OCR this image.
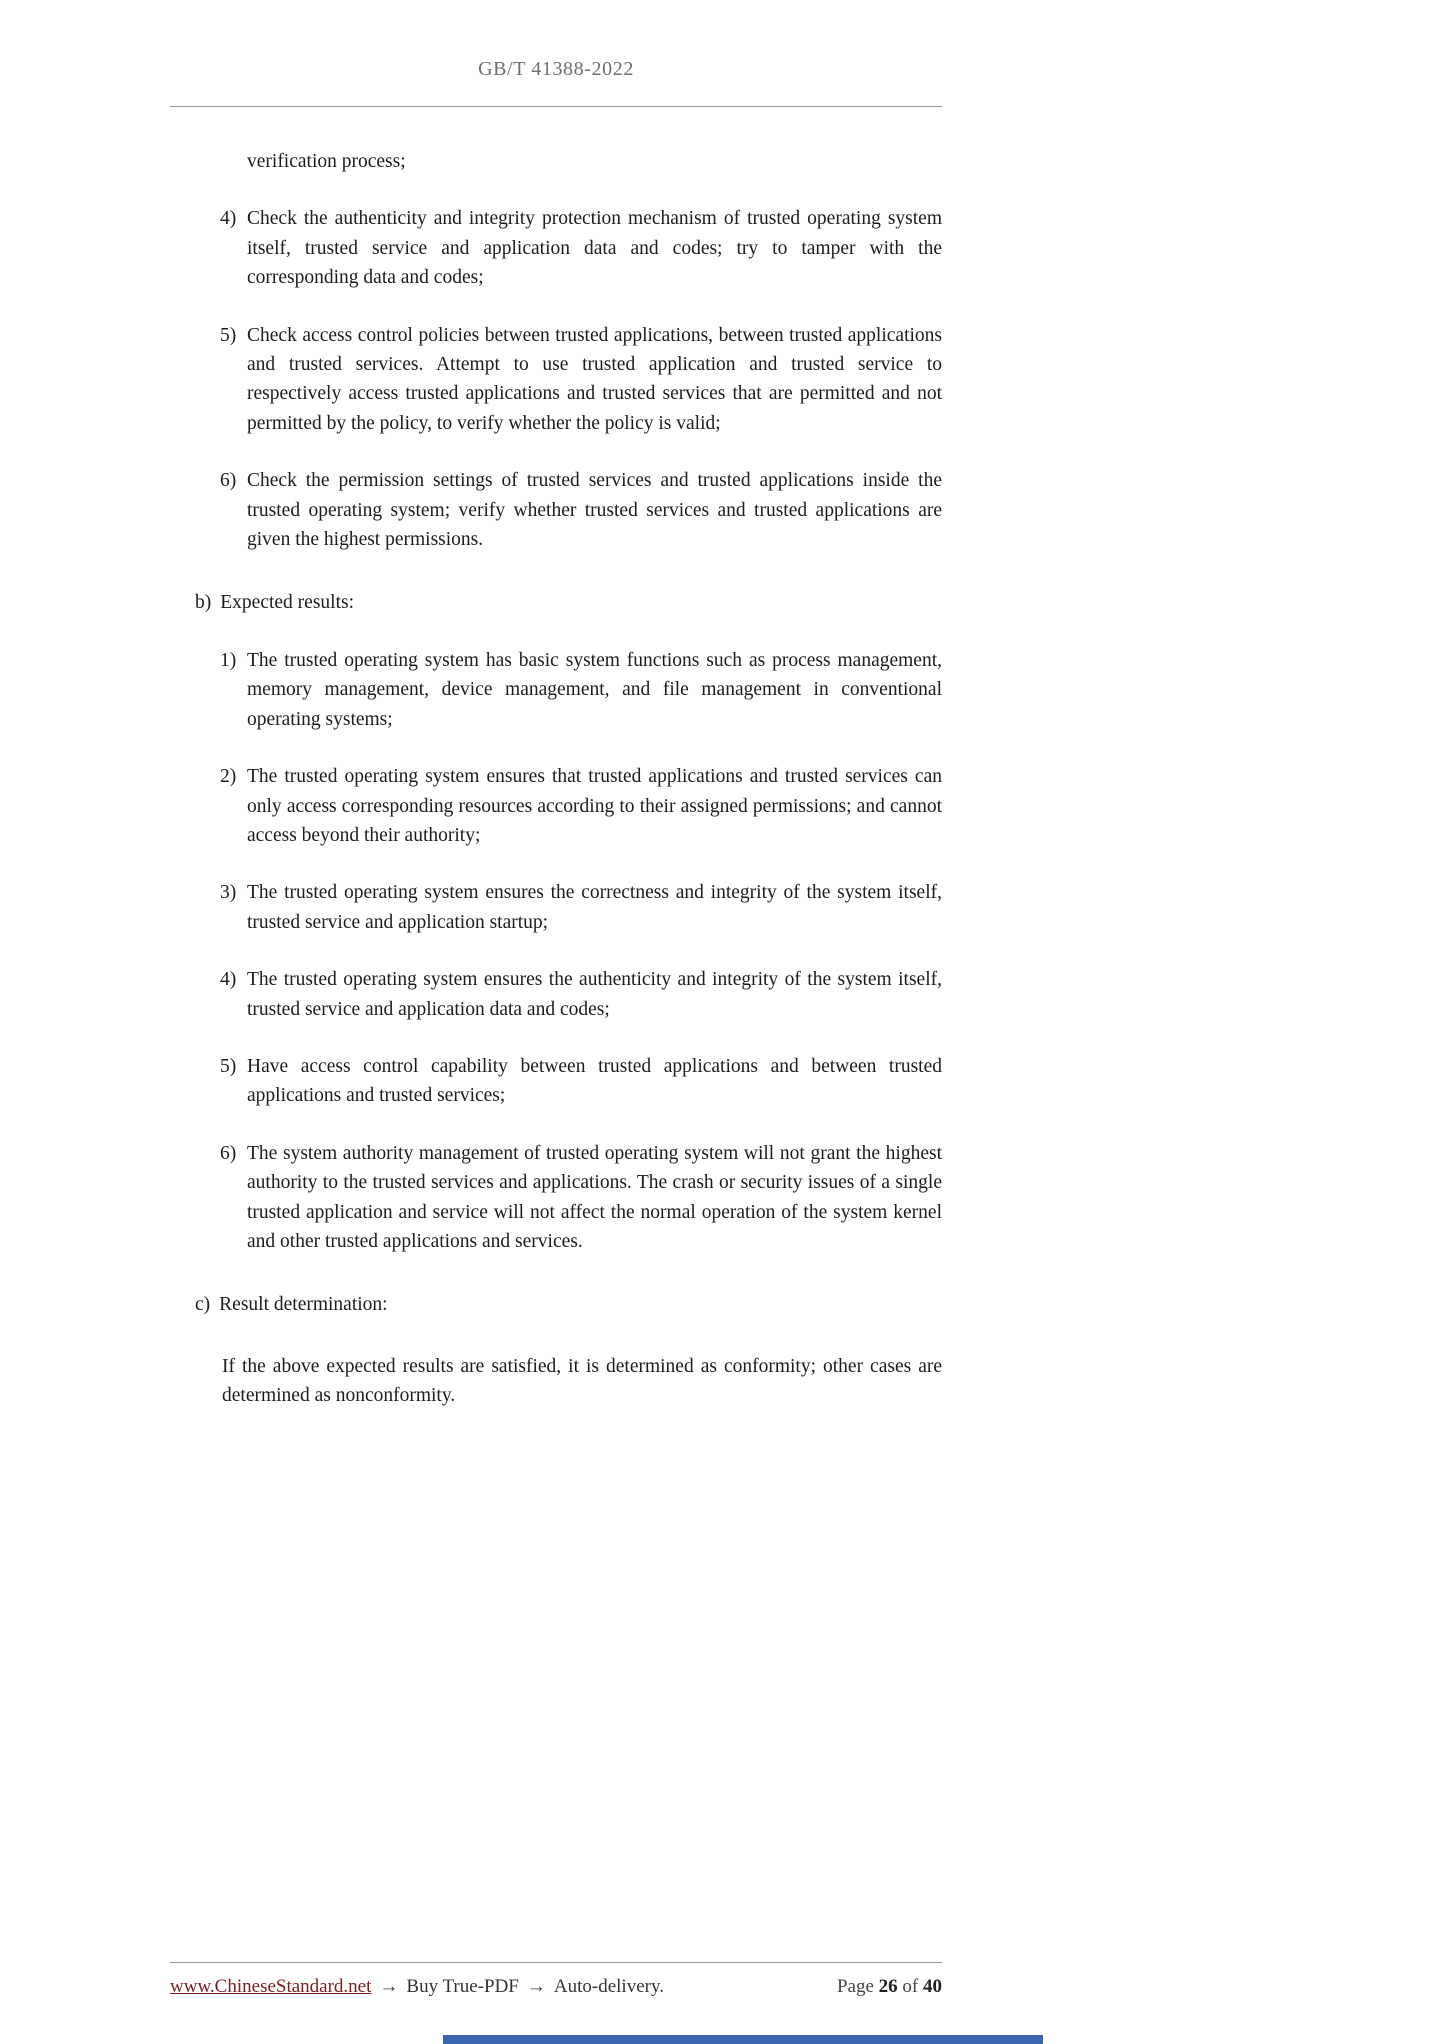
GB/T 41388-2022

verification process;

4) Check the authenticity and integrity protection mechanism of trusted operating system itself, trusted service and application data and codes; try to tamper with the corresponding data and codes;
5) Check access control policies between trusted applications, between trusted applications and trusted services. Attempt to use trusted application and trusted service to respectively access trusted applications and trusted services that are permitted and not permitted by the policy, to verify whether the policy is valid;
6) Check the permission settings of trusted services and trusted applications inside the trusted operating system; verify whether trusted services and trusted applications are given the highest permissions.
b) Expected results:
1) The trusted operating system has basic system functions such as process management, memory management, device management, and file management in conventional operating systems;
2) The trusted operating system ensures that trusted applications and trusted services can only access corresponding resources according to their assigned permissions; and cannot access beyond their authority;
3) The trusted operating system ensures the correctness and integrity of the system itself, trusted service and application startup;
4) The trusted operating system ensures the authenticity and integrity of the system itself, trusted service and application data and codes;
5) Have access control capability between trusted applications and between trusted applications and trusted services;
6) The system authority management of trusted operating system will not grant the highest authority to the trusted services and applications. The crash or security issues of a single trusted application and service will not affect the normal operation of the system kernel and other trusted applications and services.
c) Result determination:

If the above expected results are satisfied, it is determined as conformity; other cases are determined as nonconformity.

www.ChineseStandard.net → Buy True-PDF → Auto-delivery.	Page 26 of 40
